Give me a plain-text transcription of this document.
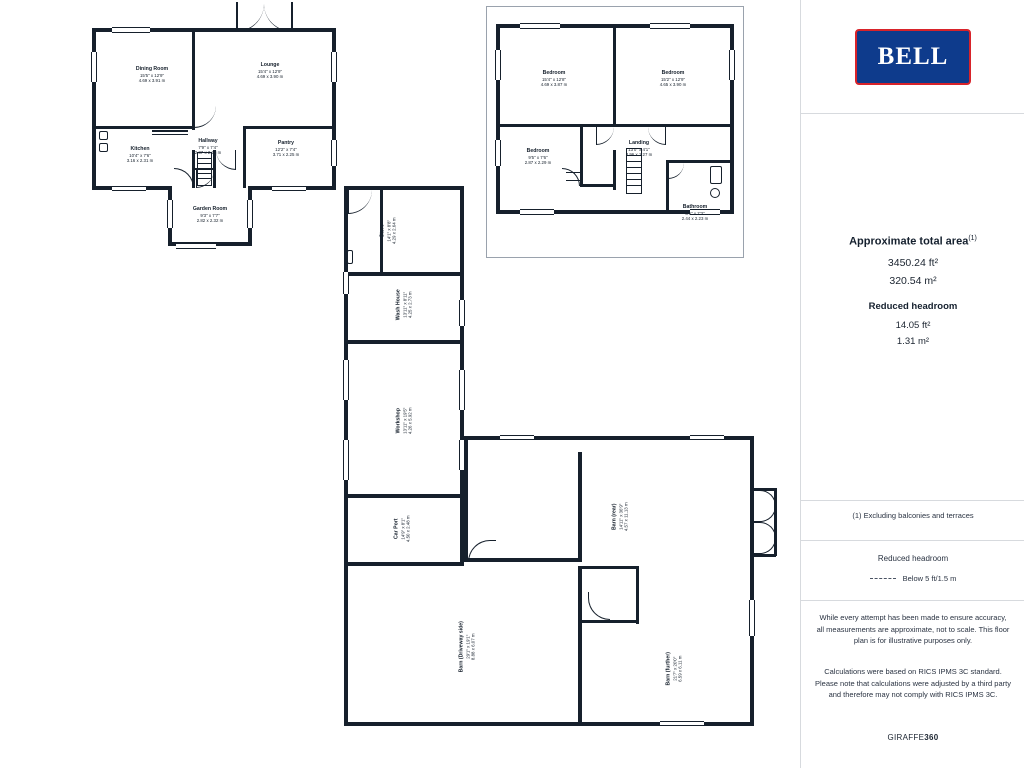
Dining Room
15'5" x 12'9"
4.69 x 3.91 m
Lounge
15'4" x 12'9"
4.69 x 3.90 m
Kitchen
10'4" x 7'6"
3.16 x 2.31 m
Hallway
7'9" x 7'4"
2.37 x 2.25 m
Pantry
12'2" x 7'4"
3.71 x 2.25 m
Garden Room
9'3" x 7'7"
2.82 x 2.32 m
Bedroom
15'4" x 12'8"
4.69 x 3.87 m
Bedroom
15'2" x 12'9"
4.65 x 3.90 m
Bedroom
9'5" x 7'6"
2.87 x 2.29 m
Landing
13'0" x 4'1"
3.96 x 1.27 m
Bathroom
8'6" x 7'3"
2.44 x 2.23 m
Store 14'1" x 8'8" 4.29 x 2.64 m
Wash House 13'11" x 8'11" 4.25 x 2.73 m
Workshop 13'11" x 19'5" 4.26 x 5.92 m
Car Port 14'9" x 8'1" 4.50 x 2.48 m	Barn (rear) 14'11" x 36'9" 4.57 x 11.13 m
Barn (Driveway side) 29'1" x 19'1" 8.88 x 6.07 m
Barn (further) 21'7" x 20'0" 6.59 x 6.11 m
BELL
Approximate total area$^{(1)}$
3450.24 ft²
320.54 m²
Reduced headroom
14.05 ft²
1.31 m²
(1) Excluding balconies and terraces
Reduced headroom
Below 5 ft/1.5 m
While every attempt has been made to ensure accuracy, all measurements are approximate, not to scale. This floor plan is for illustrative purposes only.
Calculations were based on RICS IPMS 3C standard. Please note that calculations were adjusted by a third party and therefore may not comply with RICS IPMS 3C.
GIRAFFE360
